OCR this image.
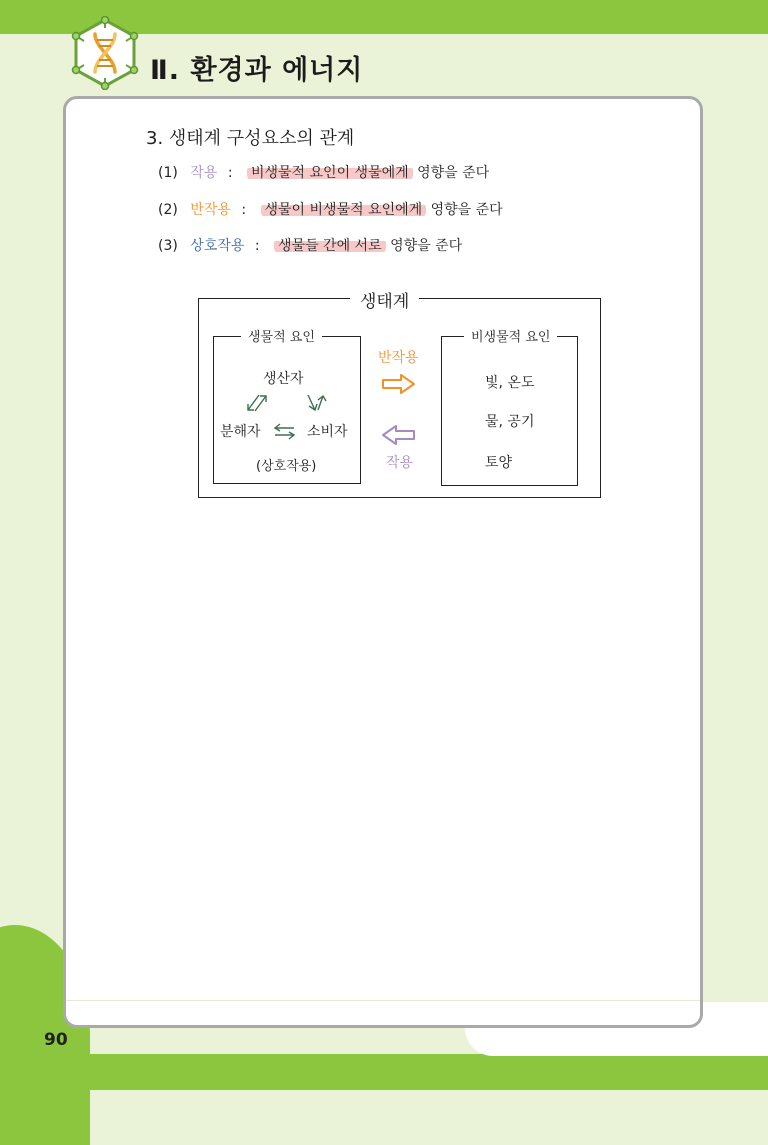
Ⅱ. 환경과 에너지
3. 생태계 구성요소의 관계
(1) 작용 : 비생물적 요인이 생물에게 영향을 준다
(2) 반작용 : 생물이 비생물적 요인에게 영향을 준다
(3) 상호작용 : 생물들 간에 서로 영향을 준다
생태계
생물적 요인
생산자
분해자	소비자
(상호작용)
반작용
작용
비생물적 요인
빛, 온도
물, 공기
토양
90
